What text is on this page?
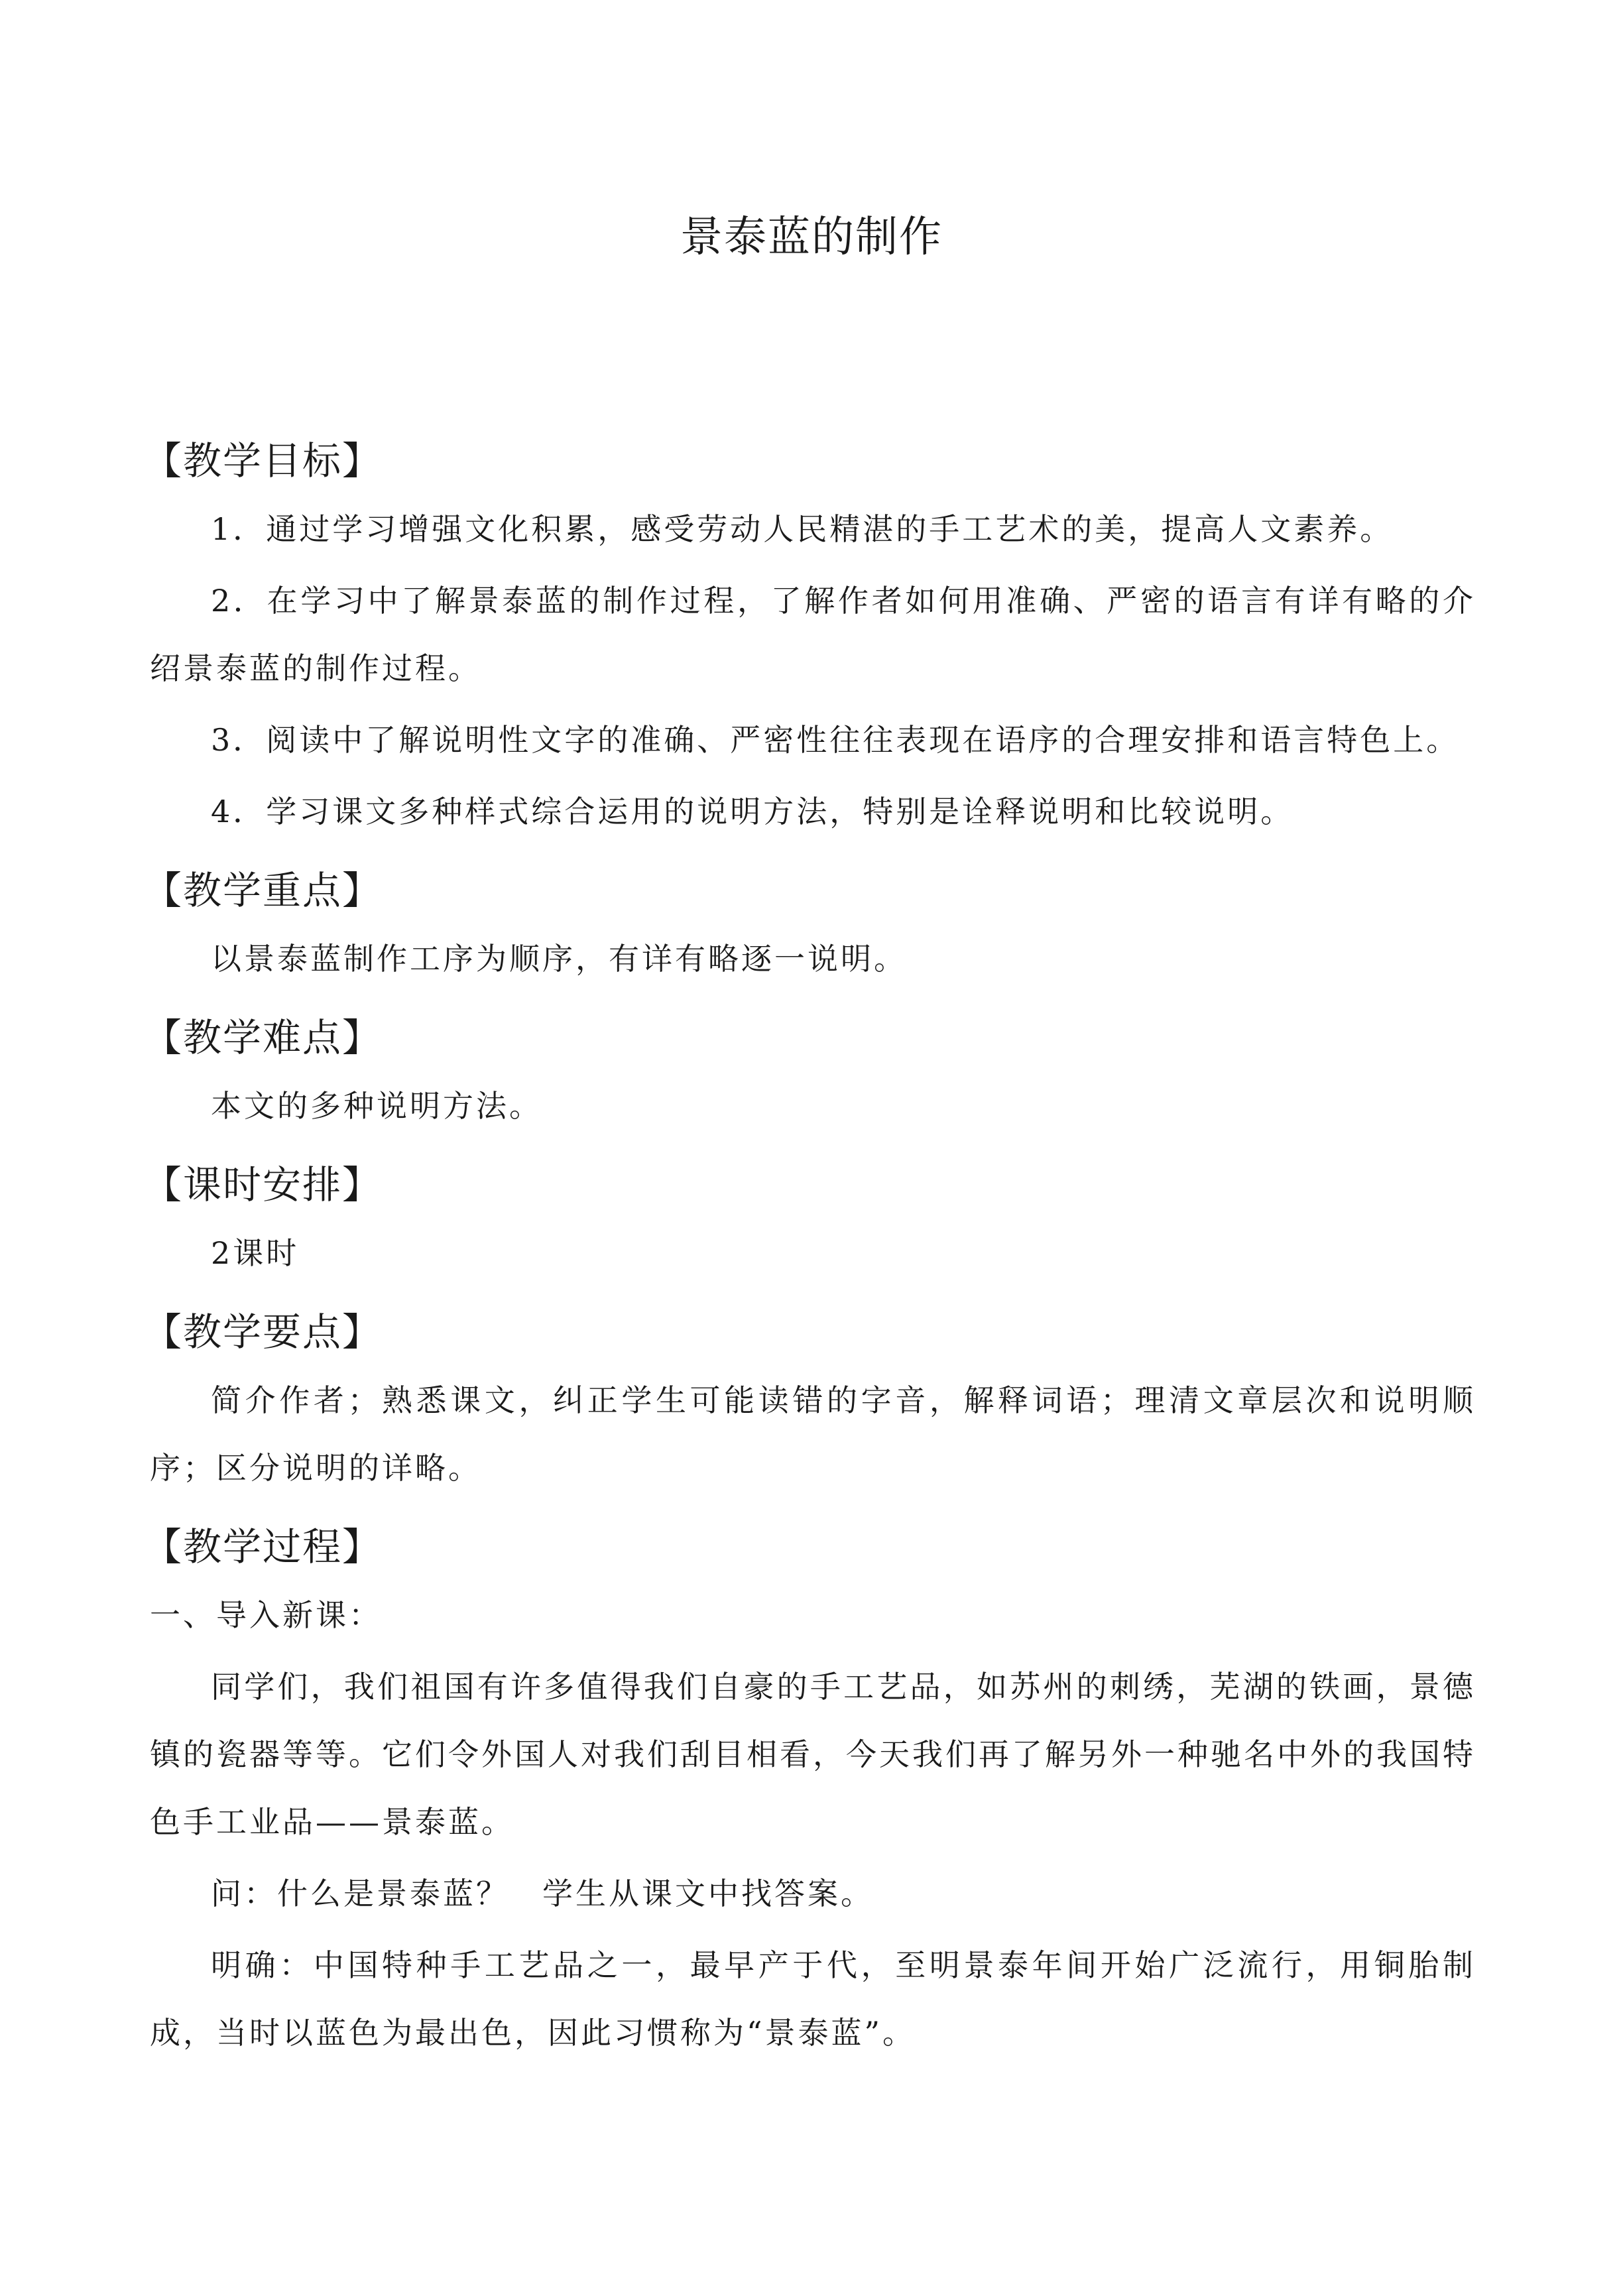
景泰蓝的制作
【教学目标】

1．通过学习增强文化积累，感受劳动人民精湛的手工艺术的美，提高人文素养。

2．在学习中了解景泰蓝的制作过程，了解作者如何用准确、严密的语言有详有略的介绍景泰蓝的制作过程。

3．阅读中了解说明性文字的准确、严密性往往表现在语序的合理安排和语言特色上。

4．学习课文多种样式综合运用的说明方法，特别是诠释说明和比较说明。

【教学重点】

以景泰蓝制作工序为顺序，有详有略逐一说明。

【教学难点】

本文的多种说明方法。

【课时安排】

2课时

【教学要点】

简介作者；熟悉课文，纠正学生可能读错的字音，解释词语；理清文章层次和说明顺序；区分说明的详略。

【教学过程】

一、导入新课：

同学们，我们祖国有许多值得我们自豪的手工艺品，如苏州的刺绣，芜湖的铁画，景德镇的瓷器等等。它们令外国人对我们刮目相看，今天我们再了解另外一种驰名中外的我国特色手工业品——景泰蓝。

问：什么是景泰蓝？　学生从课文中找答案。

明确：中国特种手工艺品之一，最早产于代，至明景泰年间开始广泛流行，用铜胎制成，当时以蓝色为最出色，因此习惯称为“景泰蓝”。
